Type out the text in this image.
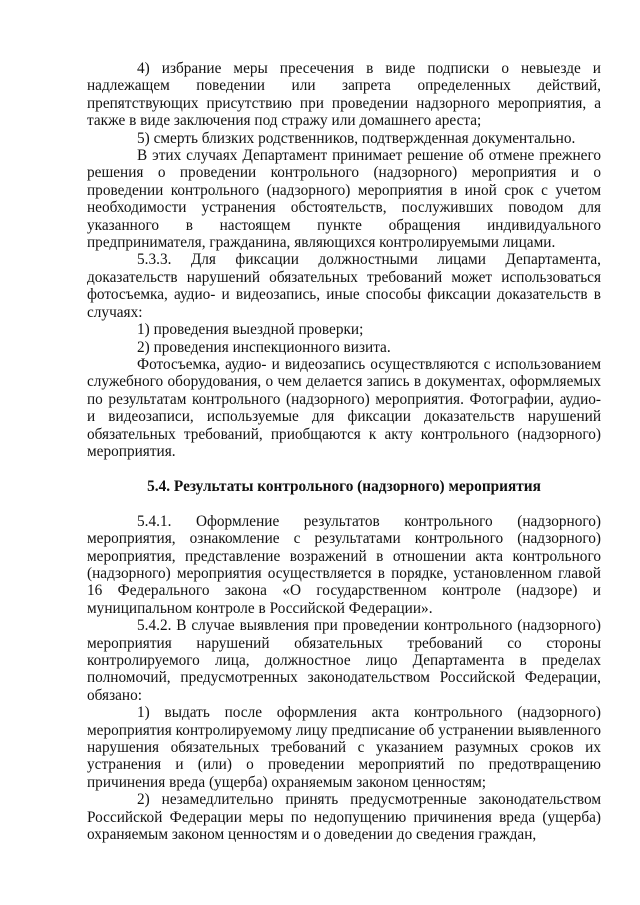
4) избрание меры пресечения в виде подписки о невыезде и надлежащем поведении или запрета определенных действий, препятствующих присутствию при проведении надзорного мероприятия, а также в виде заключения под стражу или домашнего ареста;

5) смерть близких родственников, подтвержденная документально.

В этих случаях Департамент принимает решение об отмене прежнего решения о проведении контрольного (надзорного) мероприятия и о проведении контрольного (надзорного) мероприятия в иной срок с учетом необходимости устранения обстоятельств, послуживших поводом для указанного в настоящем пункте обращения индивидуального предпринимателя, гражданина, являющихся контролируемыми лицами.

5.3.3. Для фиксации должностными лицами Департамента, доказательств нарушений обязательных требований может использоваться фотосъемка, аудио- и видеозапись, иные способы фиксации доказательств в случаях:

1) проведения выездной проверки;

2) проведения инспекционного визита.

Фотосъемка, аудио- и видеозапись осуществляются с использованием служебного оборудования, о чем делается запись в документах, оформляемых по результатам контрольного (надзорного) мероприятия. Фотографии, аудио- и видеозаписи, используемые для фиксации доказательств нарушений обязательных требований, приобщаются к акту контрольного (надзорного) мероприятия.

5.4. Результаты контрольного (надзорного) мероприятия

5.4.1. Оформление результатов контрольного (надзорного) мероприятия, ознакомление с результатами контрольного (надзорного) мероприятия, представление возражений в отношении акта контрольного (надзорного) мероприятия осуществляется в порядке, установленном главой 16 Федерального закона «О государственном контроле (надзоре) и муниципальном контроле в Российской Федерации».

5.4.2. В случае выявления при проведении контрольного (надзорного) мероприятия нарушений обязательных требований со стороны контролируемого лица, должностное лицо Департамента в пределах полномочий, предусмотренных законодательством Российской Федерации, обязано:

1) выдать после оформления акта контрольного (надзорного) мероприятия контролируемому лицу предписание об устранении выявленного нарушения обязательных требований с указанием разумных сроков их устранения и (или) о проведении мероприятий по предотвращению причинения вреда (ущерба) охраняемым законом ценностям;

2) незамедлительно принять предусмотренные законодательством Российской Федерации меры по недопущению причинения вреда (ущерба) охраняемым законом ценностям и о доведении до сведения граждан,
